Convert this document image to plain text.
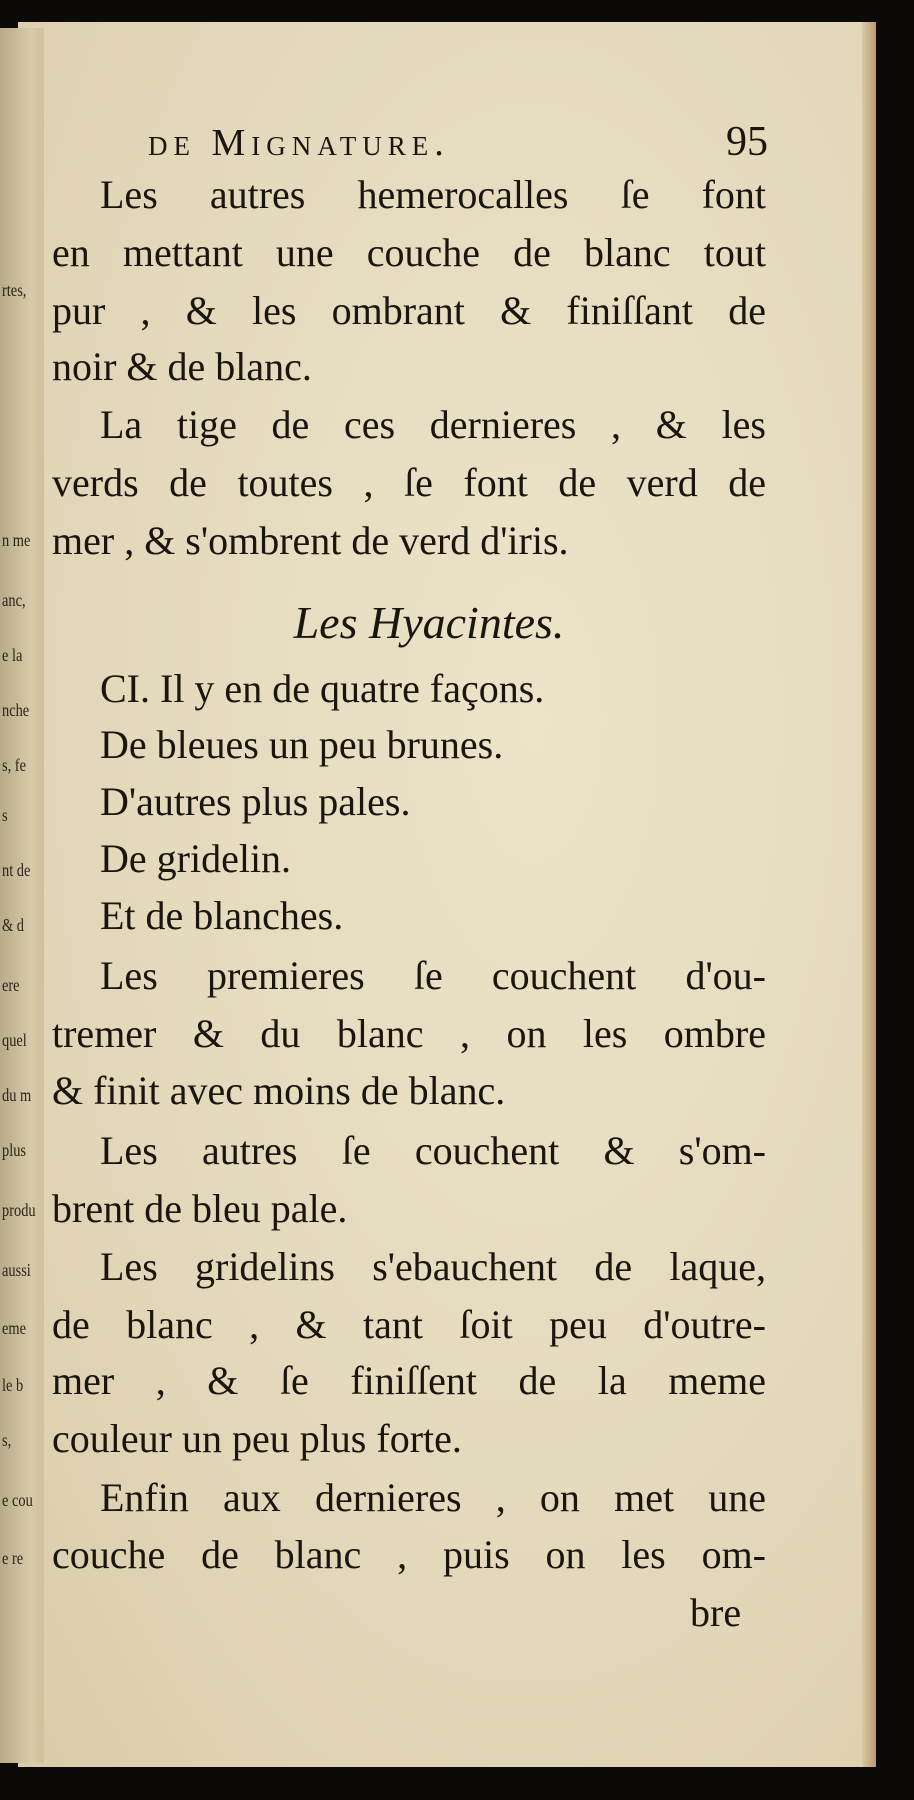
rtes,
n me
anc,
e la
nche
s, fe
s
nt de
& d
ere
quel
du m
plus
produ
aussi
eme
le b
s,
e cou
e re
de Mignature.	95
Les autres hemerocalles ſe font
en mettant une couche de blanc tout
pur , & les ombrant & finiſſant de
noir & de blanc.
La tige de ces dernieres , & les
verds de toutes , ſe font de verd de
mer , & s'ombrent de verd d'iris.
Les Hyacintes.
CI. Il y en de quatre façons.
De bleues un peu brunes.
D'autres plus pales.
De gridelin.
Et de blanches.
Les premieres ſe couchent d'ou-
tremer & du blanc , on les ombre
& finit avec moins de blanc.
Les autres ſe couchent & s'om-
brent de bleu pale.
Les gridelins s'ebauchent de laque,
de blanc , & tant ſoit peu d'outre-
mer , & ſe finiſſent de la meme
couleur un peu plus forte.
Enfin aux dernieres , on met une
couche de blanc , puis on les om-
bre
